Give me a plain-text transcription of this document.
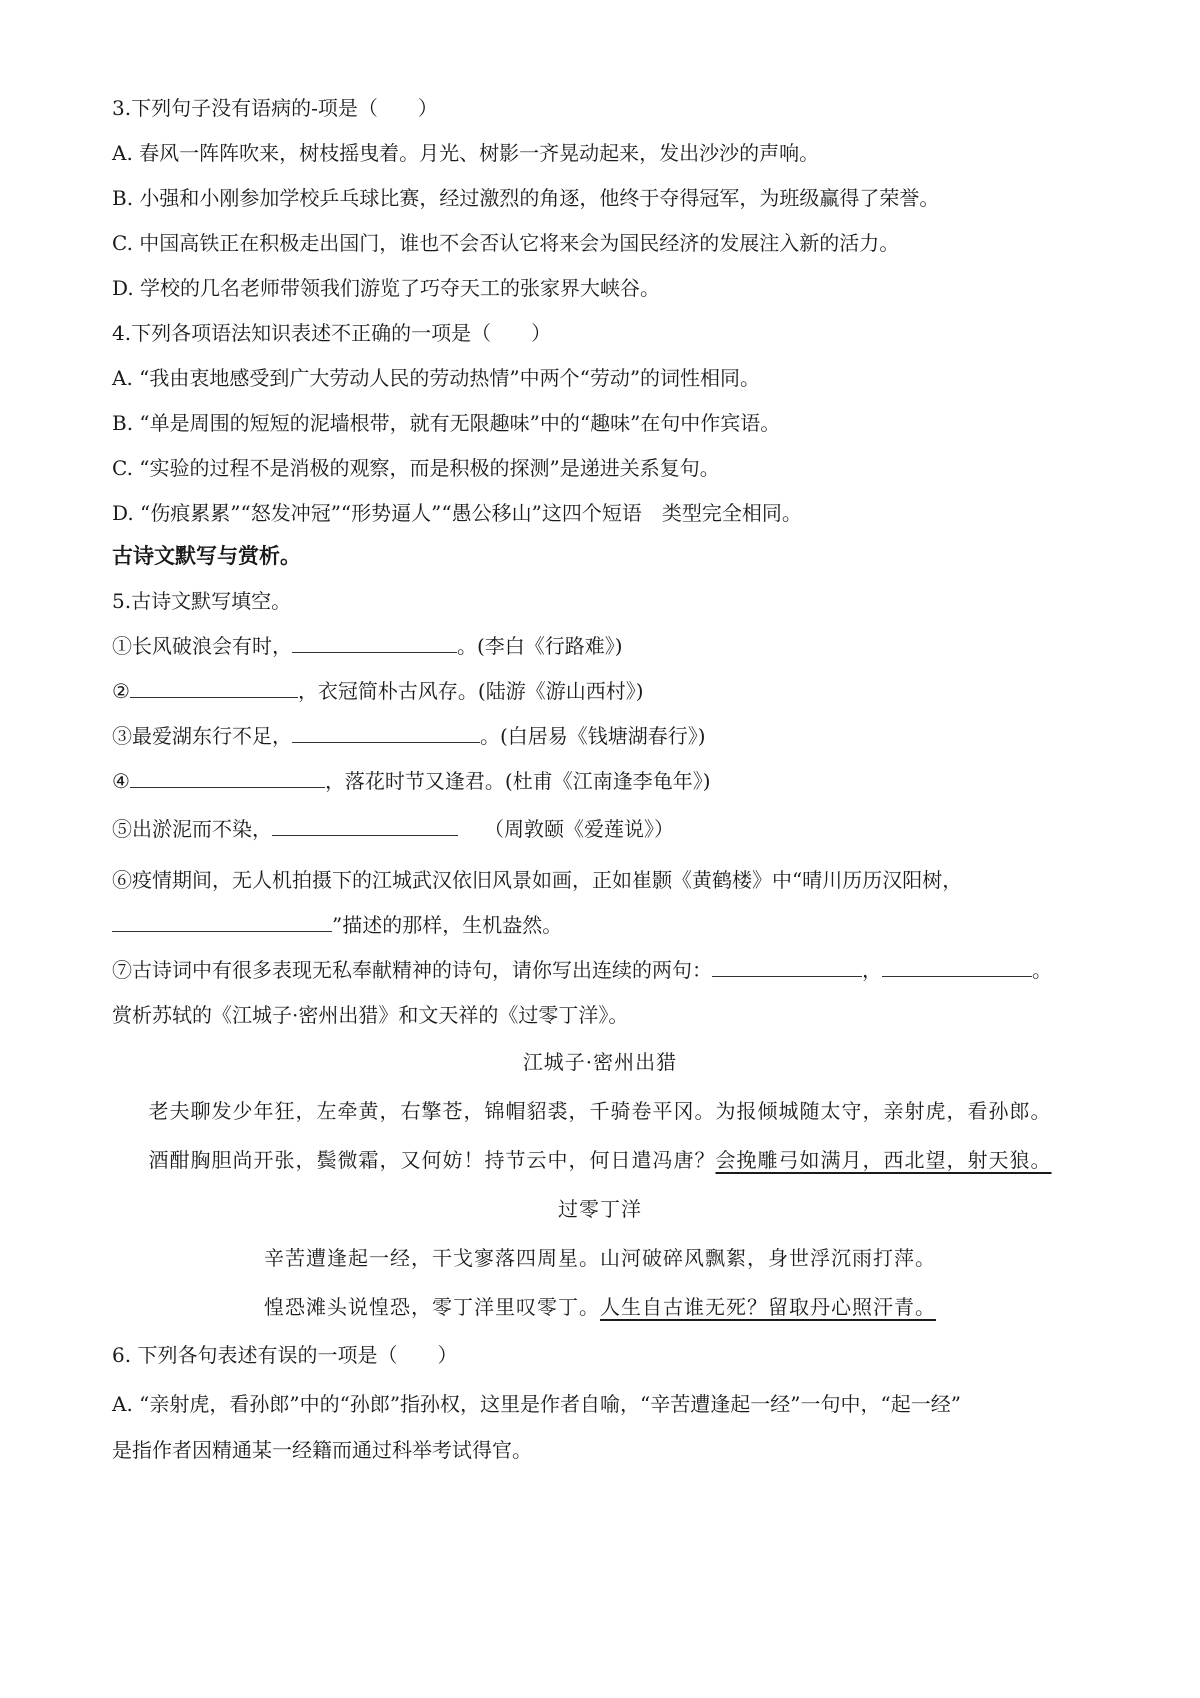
3.下列句子没有语病的-项是（　　）
A. 春风一阵阵吹来，树枝摇曳着。月光、树影一齐晃动起来，发出沙沙的声响。
B. 小强和小刚参加学校乒乓球比赛，经过激烈的角逐，他终于夺得冠军，为班级赢得了荣誉。
C. 中国高铁正在积极走出国门，谁也不会否认它将来会为国民经济的发展注入新的活力。
D. 学校的几名老师带领我们游览了巧夺天工的张家界大峡谷。
4.下列各项语法知识表述不正确的一项是（　　）
A. “我由衷地感受到广大劳动人民的劳动热情”中两个“劳动”的词性相同。
B. “单是周围的短短的泥墙根带，就有无限趣味”中的“趣味”在句中作宾语。
C. “实验的过程不是消极的观察，而是积极的探测”是递进关系复句。
D. “伤痕累累”“怒发冲冠”“形势逼人”“愚公移山”这四个短语　类型完全相同。
古诗文默写与赏析。
5.古诗文默写填空。
①长风破浪会有时，	。(李白《行路难》)
②	，衣冠简朴古风存。(陆游《游山西村》)
③最爱湖东行不足，	。(白居易《钱塘湖春行》)
④	，落花时节又逢君。(杜甫《江南逢李龟年》)
⑤出淤泥而不染，	（周敦颐《爱莲说》）
⑥疫情期间，无人机拍摄下的江城武汉依旧风景如画，正如崔颢《黄鹤楼》中“晴川历历汉阳树，
”描述的那样，生机盎然。
⑦古诗词中有很多表现无私奉献精神的诗句，请你写出连续的两句：	，	。
赏析苏轼的《江城子·密州出猎》和文天祥的《过零丁洋》。
江城子·密州出猎
老夫聊发少年狂，左牵黄，右擎苍，锦帽貂裘，千骑卷平冈。为报倾城随太守，亲射虎，看孙郎。
酒酣胸胆尚开张，鬓微霜，又何妨！持节云中，何日遣冯唐？会挽雕弓如满月，西北望，射天狼。
过零丁洋
辛苦遭逢起一经，干戈寥落四周星。山河破碎风飘絮，身世浮沉雨打萍。
惶恐滩头说惶恐，零丁洋里叹零丁。人生自古谁无死？留取丹心照汗青。
6. 下列各句表述有误的一项是（　　）
A. “亲射虎，看孙郎”中的“孙郎”指孙权，这里是作者自喻，“辛苦遭逢起一经”一句中，“起一经”
是指作者因精通某一经籍而通过科举考试得官。
